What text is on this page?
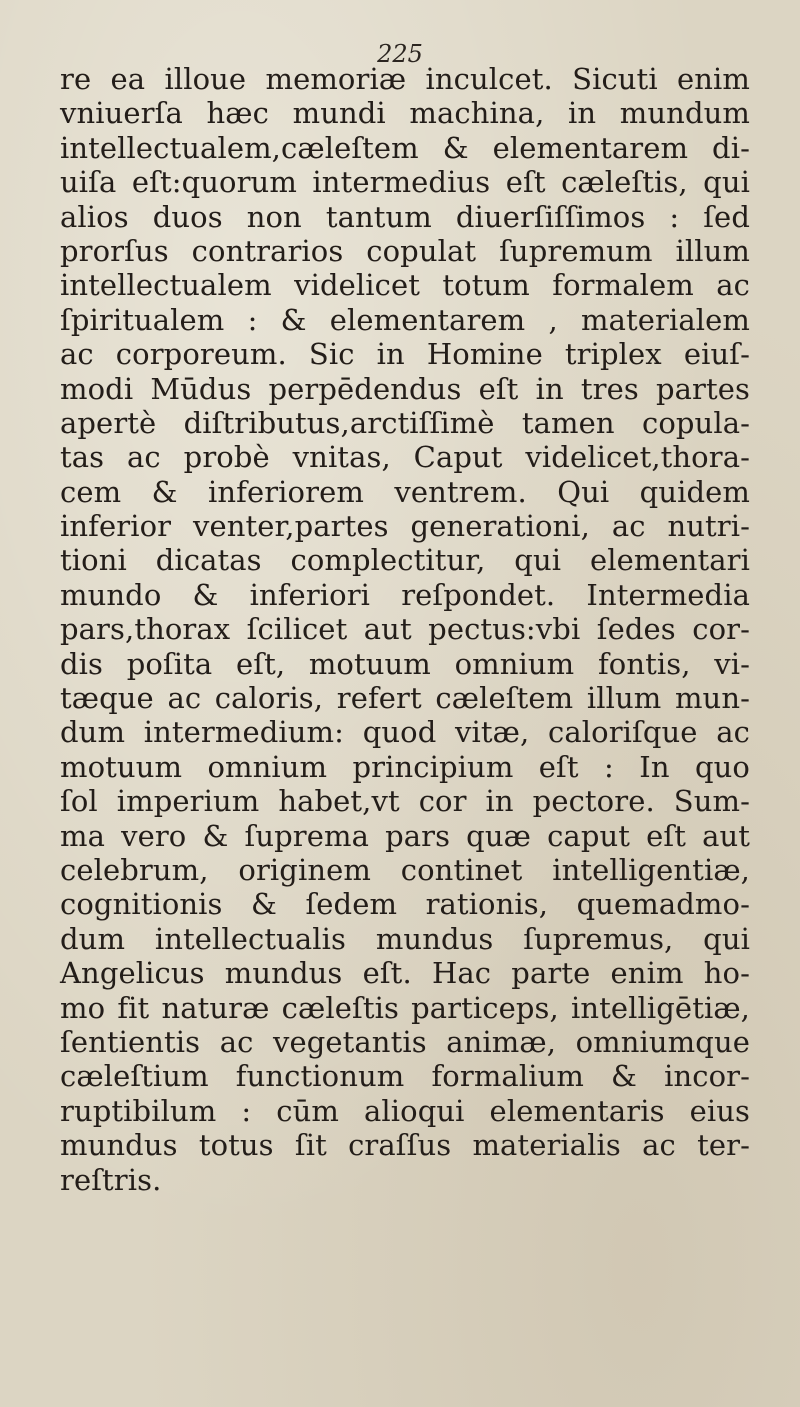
225

re ea illoue memoriæ inculcet. Sicuti enim
vniuerſa hæc mundi machina, in mundum
intellectualem,cæleſtem & elementarem di-
uiſa eſt:quorum intermedius eſt cæleſtis, qui
alios duos non tantum diuerſiſſimos : ſed
prorſus contrarios copulat ſupremum illum
intellectualem videlicet totum formalem ac
ſpiritualem : & elementarem , materialem
ac corporeum. Sic in Homine triplex eiuſ-
modi Mūdus perpēdendus eſt in tres partes
apertè diſtributus,arctiſſimè tamen copula-
tas ac probè vnitas, Caput videlicet,thora-
cem & inferiorem ventrem. Qui quidem
inferior venter,partes generationi, ac nutri-
tioni dicatas complectitur, qui elementari
mundo & inferiori reſpondet. Intermedia
pars,thorax ſcilicet aut pectus:vbi ſedes cor-
dis poſita eſt, motuum omnium fontis, vi-
tæque ac caloris, refert cæleſtem illum mun-
dum intermedium: quod vitæ, caloriſque ac
motuum omnium principium eſt : In quo
ſol imperium habet,vt cor in pectore. Sum-
ma vero & ſuprema pars quæ caput eſt aut
celebrum, originem continet intelligentiæ,
cognitionis & ſedem rationis, quemadmo-
dum intellectualis mundus ſupremus, qui
Angelicus mundus eſt. Hac parte enim ho-
mo fit naturæ cæleſtis particeps, intelligētiæ,
ſentientis ac vegetantis animæ, omniumque
cæleſtium functionum formalium & incor-
ruptibilum : cūm alioqui elementaris eius
mundus totus ſit craſſus materialis ac ter-
reſtris.
